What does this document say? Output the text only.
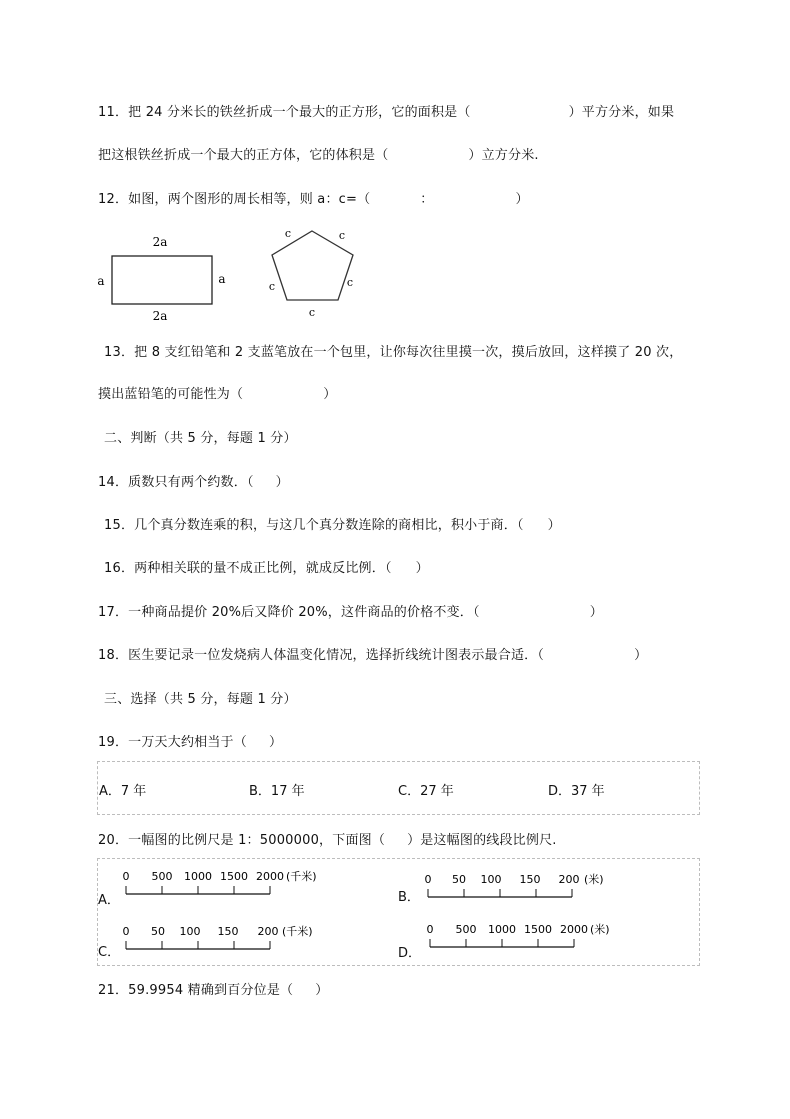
11．把 24 分米长的铁丝折成一个最大的正方形，它的面积是（	）平方分米，如果
把这根铁丝折成一个最大的正方体，它的体积是（	）立方分米.
12．如图，两个图形的周长相等，则 a：c=（	：	）
2a
2a
a	a
c	c
c	c
c
13．把 8 支红铅笔和 2 支蓝笔放在一个包里，让你每次往里摸一次，摸后放回，这样摸了 20 次，
摸出蓝铅笔的可能性为（	）
二、判断（共 5 分，每题 1 分）
14．质数只有两个约数．（ ）
15．几个真分数连乘的积，与这几个真分数连除的商相比，积小于商．（ ）
16．两种相关联的量不成正比例，就成反比例．（ ）
17．一种商品提价 20%后又降价 20%，这件商品的价格不变．（	）
18．医生要记录一位发烧病人体温变化情况，选择折线统计图表示最合适．（	）
三、选择（共 5 分，每题 1 分）
19．一万天大约相当于（ ）
A．7 年	B．17 年	C．27 年	D．37 年
20．一幅图的比例尺是 1：5000000，下面图（ ）是这幅图的线段比例尺.
A．
0 500 1000 1500 2000 (千米)
B．
0 50 100 150 200 (米)
C．
0 50 100 150 200 (千米)
D．
0 500 1000 1500 2000 (米)
21．59.9954 精确到百分位是（ ）
